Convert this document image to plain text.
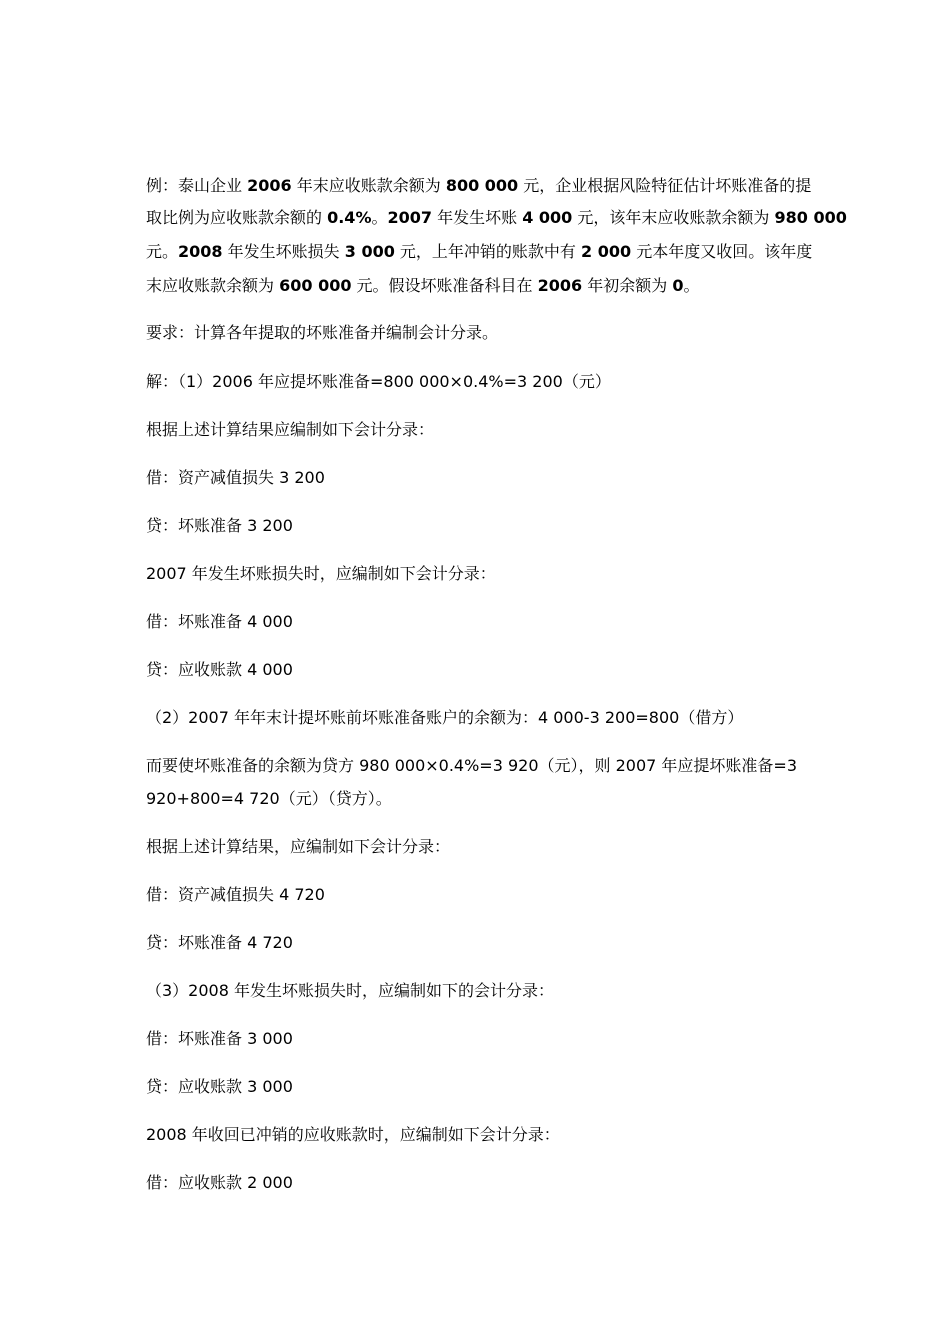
例：泰山企业 2006 年末应收账款余额为 800 000 元，企业根据风险特征估计坏账准备的提
取比例为应收账款余额的 0.4%。2007 年发生坏账 4 000 元，该年末应收账款余额为 980 000
元。2008 年发生坏账损失 3 000 元，上年冲销的账款中有 2 000 元本年度又收回。该年度
末应收账款余额为 600 000 元。假设坏账准备科目在 2006 年初余额为 0。
要求：计算各年提取的坏账准备并编制会计分录。
解：（1）2006 年应提坏账准备=800 000×0.4%=3 200（元）
根据上述计算结果应编制如下会计分录：
借：资产减值损失 3 200
贷：坏账准备 3 200
2007 年发生坏账损失时，应编制如下会计分录：
借：坏账准备 4 000
贷：应收账款 4 000
（2）2007 年年末计提坏账前坏账准备账户的余额为：4 000-3 200=800（借方）
而要使坏账准备的余额为贷方 980 000×0.4%=3 920（元），则 2007 年应提坏账准备=3
920+800=4 720（元）（贷方）。
根据上述计算结果，应编制如下会计分录：
借：资产减值损失 4 720
贷：坏账准备 4 720
（3）2008 年发生坏账损失时，应编制如下的会计分录：
借：坏账准备 3 000
贷：应收账款 3 000
2008 年收回已冲销的应收账款时，应编制如下会计分录：
借：应收账款 2 000
